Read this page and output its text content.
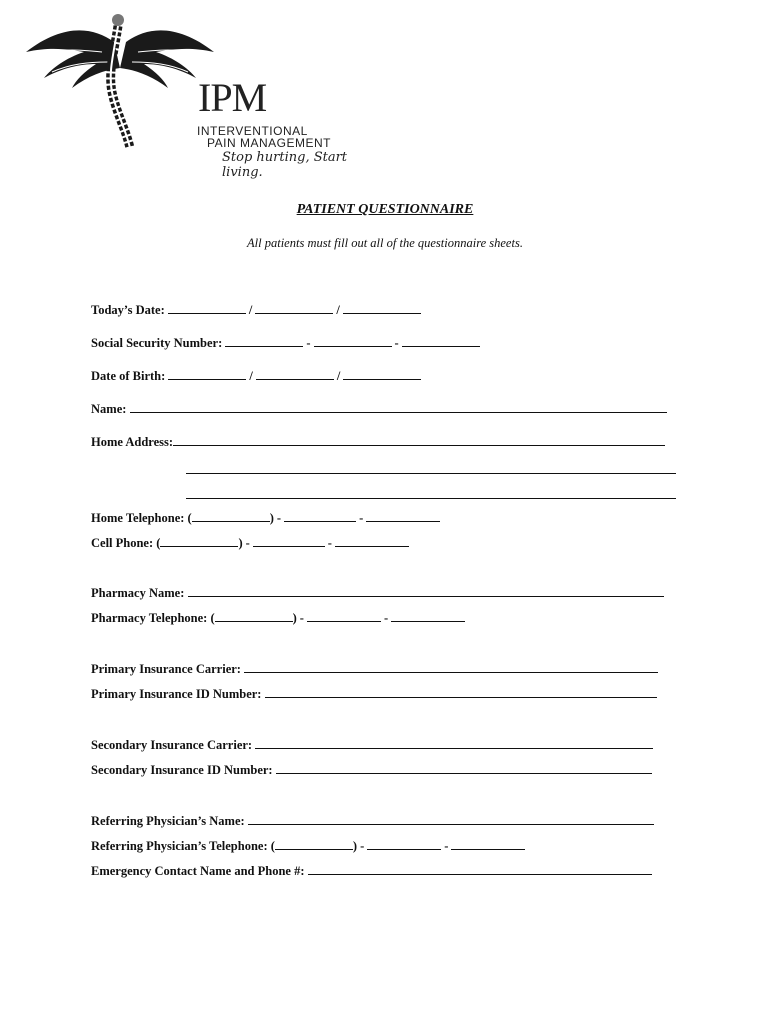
IPM
INTERVENTIONAL
PAIN MANAGEMENT
Stop hurting, Start living.
PATIENT QUESTIONNAIRE
All patients must fill out all of the questionnaire sheets.
Today’s Date:	/	/
Social Security Number:	-	-
Date of Birth:	/	/
Name:
Home Address:
Home Telephone: (	) -	-
Cell Phone: (	) -	-
Pharmacy Name:
Pharmacy Telephone: (	) -	-
Primary Insurance Carrier:
Primary Insurance ID Number:
Secondary Insurance Carrier:
Secondary Insurance ID Number:
Referring Physician’s Name:
Referring Physician’s Telephone: (	) -	-
Emergency Contact Name and Phone #:
